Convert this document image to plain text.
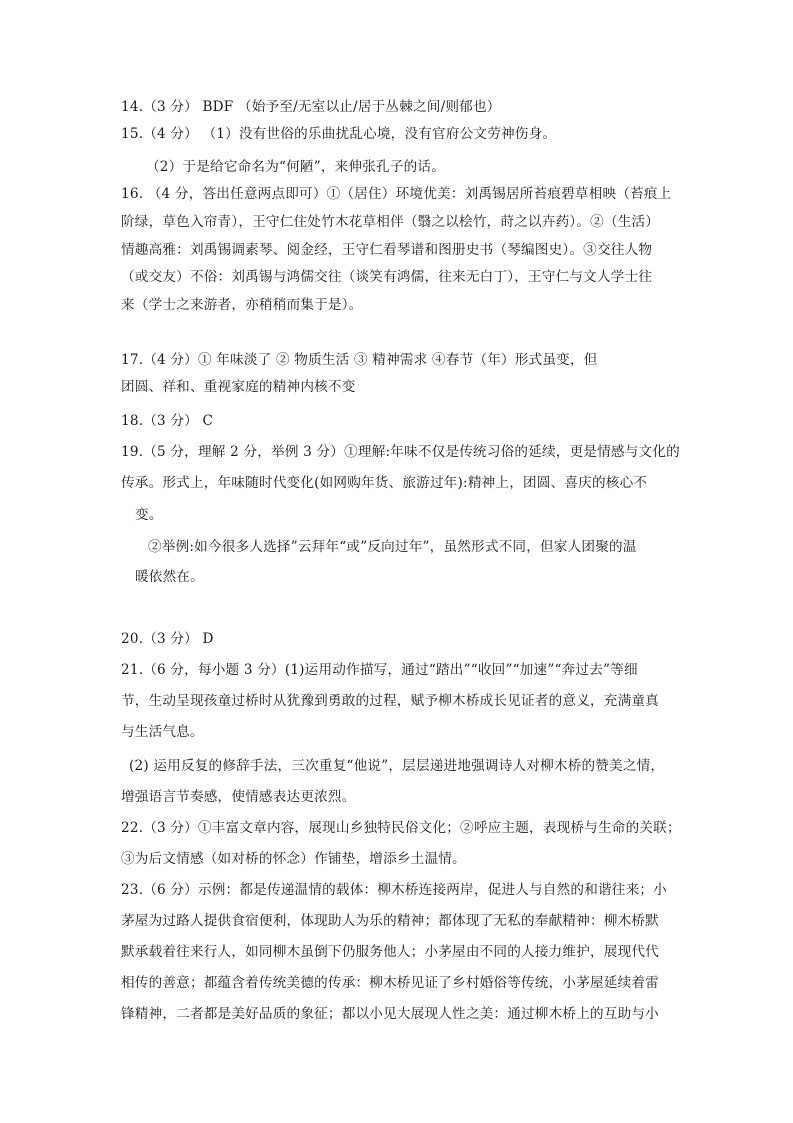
14.（3 分） BDF （始予至/无室以止/居于丛棘之间/则郁也）
15.（4 分） （1）没有世俗的乐曲扰乱心境，没有官府公文劳神伤身。
（2）于是给它命名为“何陋”，来伸张孔子的话。
16. （4 分，答出任意两点即可）①（居住）环境优美：刘禹锡居所苔痕碧草相映（苔痕上
阶绿，草色入帘青），王守仁住处竹木花草相伴（翳之以桧竹，莳之以卉药）。②（生活）
情趣高雅：刘禹锡调素琴、阅金经，王守仁看琴谱和图册史书（琴编图史）。③交往人物
（或交友）不俗：刘禹锡与鸿儒交往（谈笑有鸿儒，往来无白丁），王守仁与文人学士往
来（学士之来游者，亦稍稍而集于是）。
17.（4 分）① 年味淡了 ② 物质生活 ③ 精神需求 ④春节（年）形式虽变，但
团圆、祥和、重视家庭的精神内核不变
18.（3 分） C
19.（5 分，理解 2 分，举例 3 分）①理解:年味不仅是传统习俗的延续，更是情感与文化的
传承。形式上，年味随时代变化(如网购年货、旅游过年):精神上，团圆、喜庆的核心不
变。
②举例:如今很多人选择”云拜年“或”反向过年”，虽然形式不同，但家人团聚的温
暖依然在。
20.（3 分） D
21.（6 分，每小题 3 分）(1)运用动作描写，通过“踏出”“收回”“加速”“奔过去”等细
节，生动呈现孩童过桥时从犹豫到勇敢的过程，赋予柳木桥成长见证者的意义，充满童真
与生活气息。
(2) 运用反复的修辞手法，三次重复“他说”，层层递进地强调诗人对柳木桥的赞美之情，
增强语言节奏感，使情感表达更浓烈。
22.（3 分）①丰富文章内容，展现山乡独特民俗文化；②呼应主题，表现桥与生命的关联；
③为后文情感（如对桥的怀念）作铺垫，增添乡土温情。
23.（6 分）示例：都是传递温情的载体：柳木桥连接两岸，促进人与自然的和谐往来；小
茅屋为过路人提供食宿便利，体现助人为乐的精神；都体现了无私的奉献精神：柳木桥默
默承载着往来行人，如同柳木虽倒下仍服务他人；小茅屋由不同的人接力维护，展现代代
相传的善意；都蕴含着传统美德的传承：柳木桥见证了乡村婚俗等传统，小茅屋延续着雷
锋精神，二者都是美好品质的象征；都以小见大展现人性之美：通过柳木桥上的互助与小
